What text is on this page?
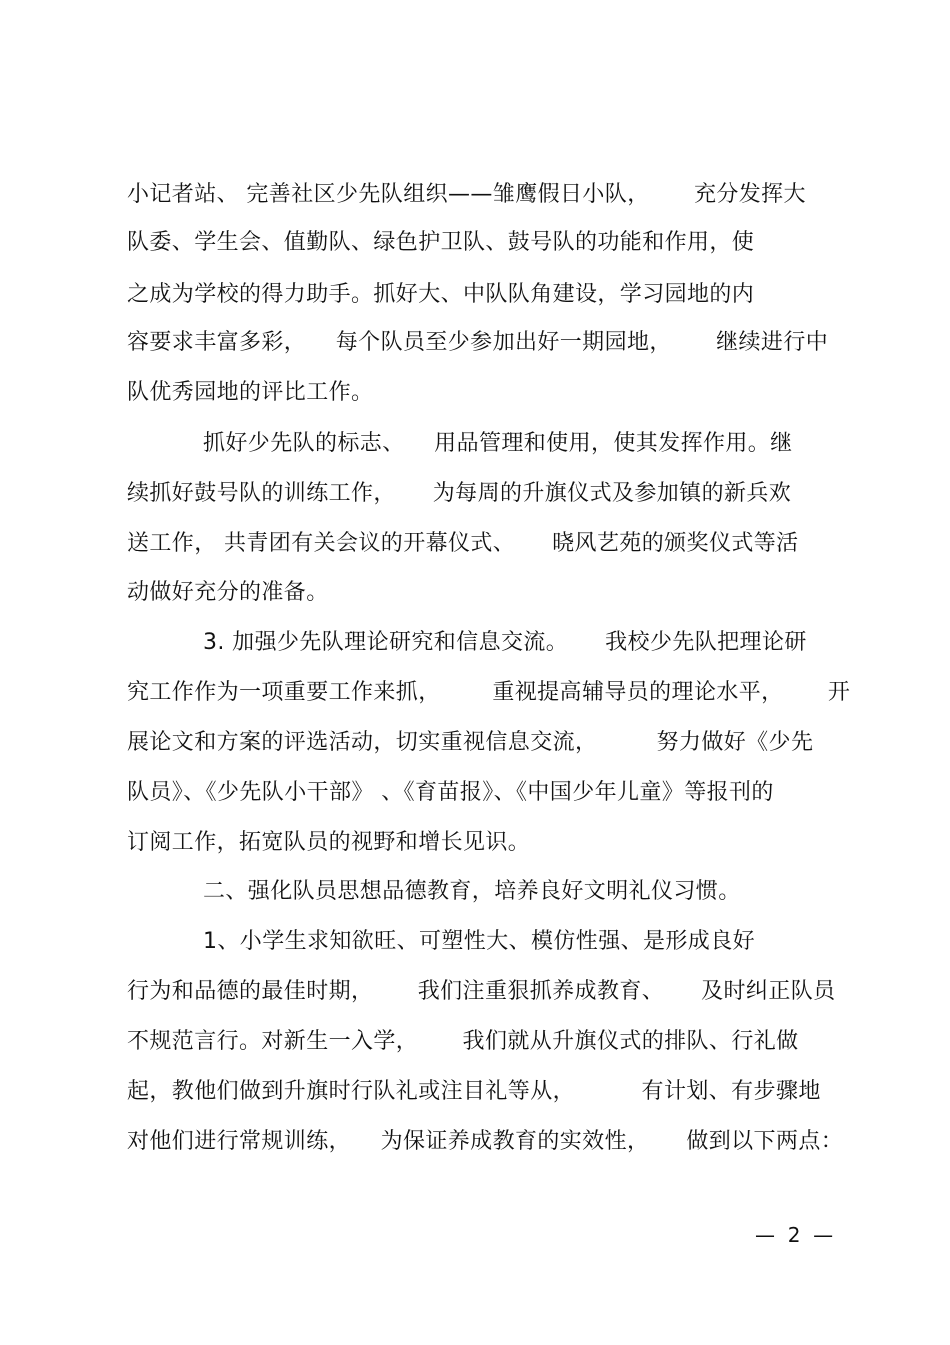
小记者站、 完善社区少先队组织——雏鹰假日小队，      充分发挥大
队委、学生会、值勤队、绿色护卫队、鼓号队的功能和作用，使
之成为学校的得力助手。抓好大、中队队角建设，学习园地的内
容要求丰富多彩，    每个队员至少参加出好一期园地，      继续进行中
队优秀园地的评比工作。
抓好少先队的标志、    用品管理和使用，使其发挥作用。继
续抓好鼓号队的训练工作，     为每周的升旗仪式及参加镇的新兵欢
送工作， 共青团有关会议的开幕仪式、     晓风艺苑的颁奖仪式等活
动做好充分的准备。
3. 加强少先队理论研究和信息交流。     我校少先队把理论研
究工作作为一项重要工作来抓，       重视提高辅导员的理论水平，      开
展论文和方案的评选活动，切实重视信息交流，        努力做好《少先
队员》、《少先队小干部》 、《育苗报》、《中国少年儿童》等报刊的
订阅工作，拓宽队员的视野和增长见识。
二、强化队员思想品德教育，培养良好文明礼仪习惯。
1、小学生求知欲旺、可塑性大、模仿性强、是形成良好
行为和品德的最佳时期，      我们注重狠抓养成教育、     及时纠正队员
不规范言行。对新生一入学，      我们就从升旗仪式的排队、行礼做
起，教他们做到升旗时行队礼或注目礼等从，         有计划、有步骤地
对他们进行常规训练，    为保证养成教育的实效性，     做到以下两点：
—  2  —
